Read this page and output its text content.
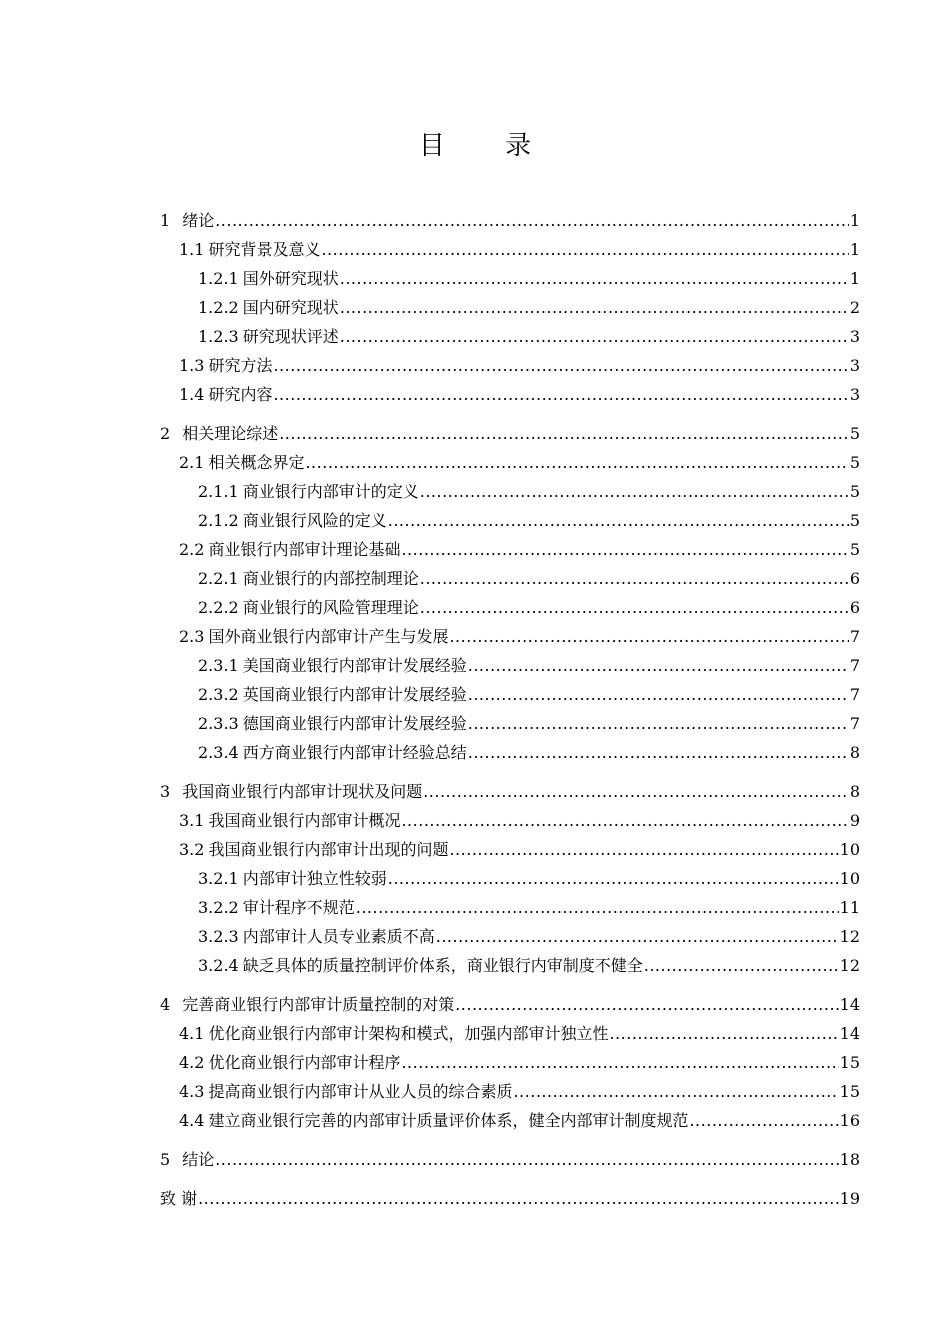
目 录
1 绪论 .....	1
1.1 研究背景及意义 .....	1
1.2.1 国外研究现状 .....	1
1.2.2 国内研究现状 .....	2
1.2.3 研究现状评述 .....	3
1.3 研究方法 .....	3
1.4 研究内容 .....	3
2 相关理论综述 .....	5
2.1 相关概念界定 .....	5
2.1.1 商业银行内部审计的定义 .....	5
2.1.2 商业银行风险的定义 .....	5
2.2 商业银行内部审计理论基础 .....	5
2.2.1 商业银行的内部控制理论 .....	6
2.2.2 商业银行的风险管理理论 .....	6
2.3 国外商业银行内部审计产生与发展 .....	7
2.3.1 美国商业银行内部审计发展经验 .....	7
2.3.2 英国商业银行内部审计发展经验 .....	7
2.3.3 德国商业银行内部审计发展经验 .....	7
2.3.4 西方商业银行内部审计经验总结 .....	8
3 我国商业银行内部审计现状及问题 .....	8
3.1 我国商业银行内部审计概况 .....	9
3.2 我国商业银行内部审计出现的问题 .....	10
3.2.1 内部审计独立性较弱 .....	10
3.2.2 审计程序不规范 .....	11
3.2.3 内部审计人员专业素质不高 .....	12
3.2.4 缺乏具体的质量控制评价体系，商业银行内审制度不健全 .....	12
4 完善商业银行内部审计质量控制的对策 .....	14
4.1 优化商业银行内部审计架构和模式，加强内部审计独立性 .....	14
4.2 优化商业银行内部审计程序 .....	15
4.3 提高商业银行内部审计从业人员的综合素质 .....	15
4.4 建立商业银行完善的内部审计质量评价体系，健全内部审计制度规范 .....	16
5 结论 .....	18
致 谢 .....	19
